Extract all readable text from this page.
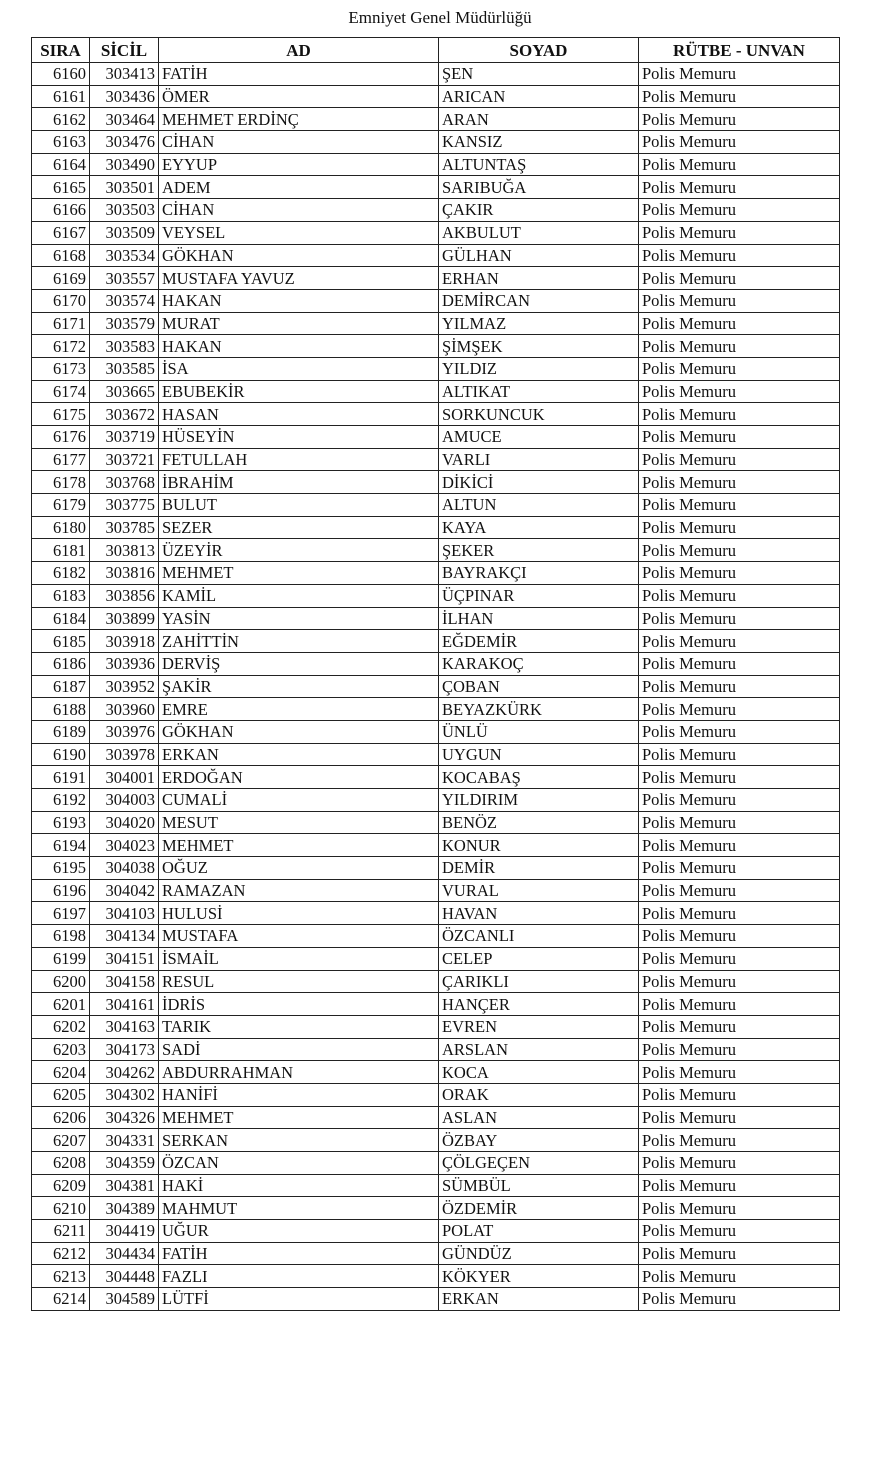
Emniyet Genel Müdürlüğü
SIRA	SİCİL	AD	SOYAD	RÜTBE - UNVAN
6160	303413	FATİH	ŞEN	Polis Memuru
6161	303436	ÖMER	ARICAN	Polis Memuru
6162	303464	MEHMET ERDİNÇ	ARAN	Polis Memuru
6163	303476	CİHAN	KANSIZ	Polis Memuru
6164	303490	EYYUP	ALTUNTAŞ	Polis Memuru
6165	303501	ADEM	SARIBUĞA	Polis Memuru
6166	303503	CİHAN	ÇAKIR	Polis Memuru
6167	303509	VEYSEL	AKBULUT	Polis Memuru
6168	303534	GÖKHAN	GÜLHAN	Polis Memuru
6169	303557	MUSTAFA YAVUZ	ERHAN	Polis Memuru
6170	303574	HAKAN	DEMİRCAN	Polis Memuru
6171	303579	MURAT	YILMAZ	Polis Memuru
6172	303583	HAKAN	ŞİMŞEK	Polis Memuru
6173	303585	İSA	YILDIZ	Polis Memuru
6174	303665	EBUBEKİR	ALTIKAT	Polis Memuru
6175	303672	HASAN	SORKUNCUK	Polis Memuru
6176	303719	HÜSEYİN	AMUCE	Polis Memuru
6177	303721	FETULLAH	VARLI	Polis Memuru
6178	303768	İBRAHİM	DİKİCİ	Polis Memuru
6179	303775	BULUT	ALTUN	Polis Memuru
6180	303785	SEZER	KAYA	Polis Memuru
6181	303813	ÜZEYİR	ŞEKER	Polis Memuru
6182	303816	MEHMET	BAYRAKÇI	Polis Memuru
6183	303856	KAMİL	ÜÇPINAR	Polis Memuru
6184	303899	YASİN	İLHAN	Polis Memuru
6185	303918	ZAHİTTİN	EĞDEMİR	Polis Memuru
6186	303936	DERVİŞ	KARAKOÇ	Polis Memuru
6187	303952	ŞAKİR	ÇOBAN	Polis Memuru
6188	303960	EMRE	BEYAZKÜRK	Polis Memuru
6189	303976	GÖKHAN	ÜNLÜ	Polis Memuru
6190	303978	ERKAN	UYGUN	Polis Memuru
6191	304001	ERDOĞAN	KOCABAŞ	Polis Memuru
6192	304003	CUMALİ	YILDIRIM	Polis Memuru
6193	304020	MESUT	BENÖZ	Polis Memuru
6194	304023	MEHMET	KONUR	Polis Memuru
6195	304038	OĞUZ	DEMİR	Polis Memuru
6196	304042	RAMAZAN	VURAL	Polis Memuru
6197	304103	HULUSİ	HAVAN	Polis Memuru
6198	304134	MUSTAFA	ÖZCANLI	Polis Memuru
6199	304151	İSMAİL	CELEP	Polis Memuru
6200	304158	RESUL	ÇARIKLI	Polis Memuru
6201	304161	İDRİS	HANÇER	Polis Memuru
6202	304163	TARIK	EVREN	Polis Memuru
6203	304173	SADİ	ARSLAN	Polis Memuru
6204	304262	ABDURRAHMAN	KOCA	Polis Memuru
6205	304302	HANİFİ	ORAK	Polis Memuru
6206	304326	MEHMET	ASLAN	Polis Memuru
6207	304331	SERKAN	ÖZBAY	Polis Memuru
6208	304359	ÖZCAN	ÇÖLGEÇEN	Polis Memuru
6209	304381	HAKİ	SÜMBÜL	Polis Memuru
6210	304389	MAHMUT	ÖZDEMİR	Polis Memuru
6211	304419	UĞUR	POLAT	Polis Memuru
6212	304434	FATİH	GÜNDÜZ	Polis Memuru
6213	304448	FAZLI	KÖKYER	Polis Memuru
6214	304589	LÜTFİ	ERKAN	Polis Memuru
